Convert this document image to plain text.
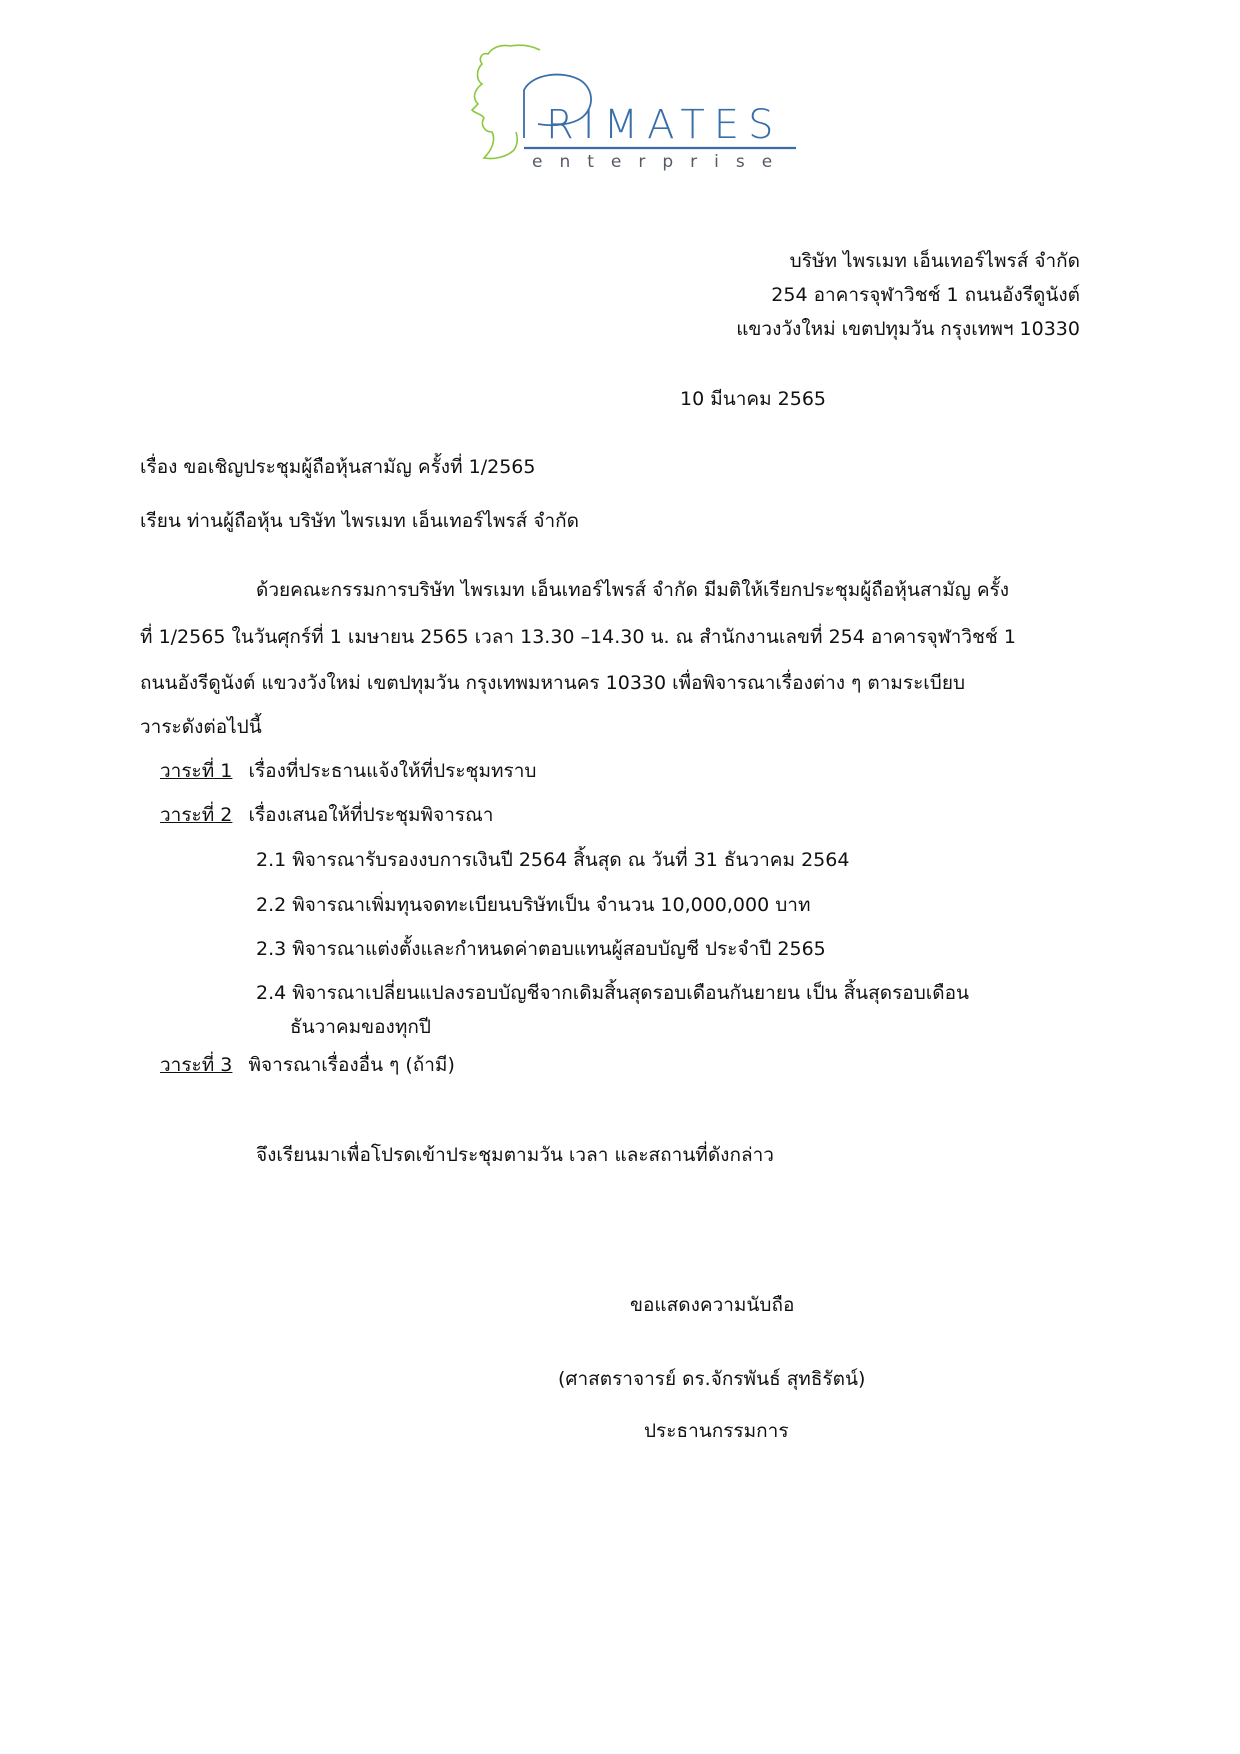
RIMATES
enterprise
บริษัท ไพรเมท เอ็นเทอร์ไพรส์ จำกัด
254 อาคารจุฬาวิชช์ 1 ถนนอังรีดูนังต์
แขวงวังใหม่ เขตปทุมวัน กรุงเทพฯ 10330
10 มีนาคม 2565
เรื่อง ขอเชิญประชุมผู้ถือหุ้นสามัญ ครั้งที่ 1/2565
เรียน ท่านผู้ถือหุ้น บริษัท ไพรเมท เอ็นเทอร์ไพรส์ จำกัด
ด้วยคณะกรรมการบริษัท ไพรเมท เอ็นเทอร์ไพรส์ จำกัด มีมติให้เรียกประชุมผู้ถือหุ้นสามัญ ครั้ง
ที่ 1/2565 ในวันศุกร์ที่ 1 เมษายน 2565 เวลา 13.30 –14.30 น. ณ สำนักงานเลขที่ 254 อาคารจุฬาวิชช์ 1
ถนนอังรีดูนังต์ แขวงวังใหม่ เขตปทุมวัน กรุงเทพมหานคร 10330 เพื่อพิจารณาเรื่องต่าง ๆ ตามระเบียบ
วาระดังต่อไปนี้
วาระที่ 1 เรื่องที่ประธานแจ้งให้ที่ประชุมทราบ
วาระที่ 2 เรื่องเสนอให้ที่ประชุมพิจารณา
2.1 พิจารณารับรองงบการเงินปี 2564 สิ้นสุด ณ วันที่ 31 ธันวาคม 2564
2.2 พิจารณาเพิ่มทุนจดทะเบียนบริษัทเป็น จำนวน 10,000,000 บาท
2.3 พิจารณาแต่งตั้งและกำหนดค่าตอบแทนผู้สอบบัญชี ประจำปี 2565
2.4 พิจารณาเปลี่ยนแปลงรอบบัญชีจากเดิมสิ้นสุดรอบเดือนกันยายน เป็น สิ้นสุดรอบเดือน
ธันวาคมของทุกปี
วาระที่ 3 พิจารณาเรื่องอื่น ๆ (ถ้ามี)
จึงเรียนมาเพื่อโปรดเข้าประชุมตามวัน เวลา และสถานที่ดังกล่าว
ขอแสดงความนับถือ
(ศาสตราจารย์ ดร.จักรพันธ์ สุทธิรัตน์)
ประธานกรรมการ
